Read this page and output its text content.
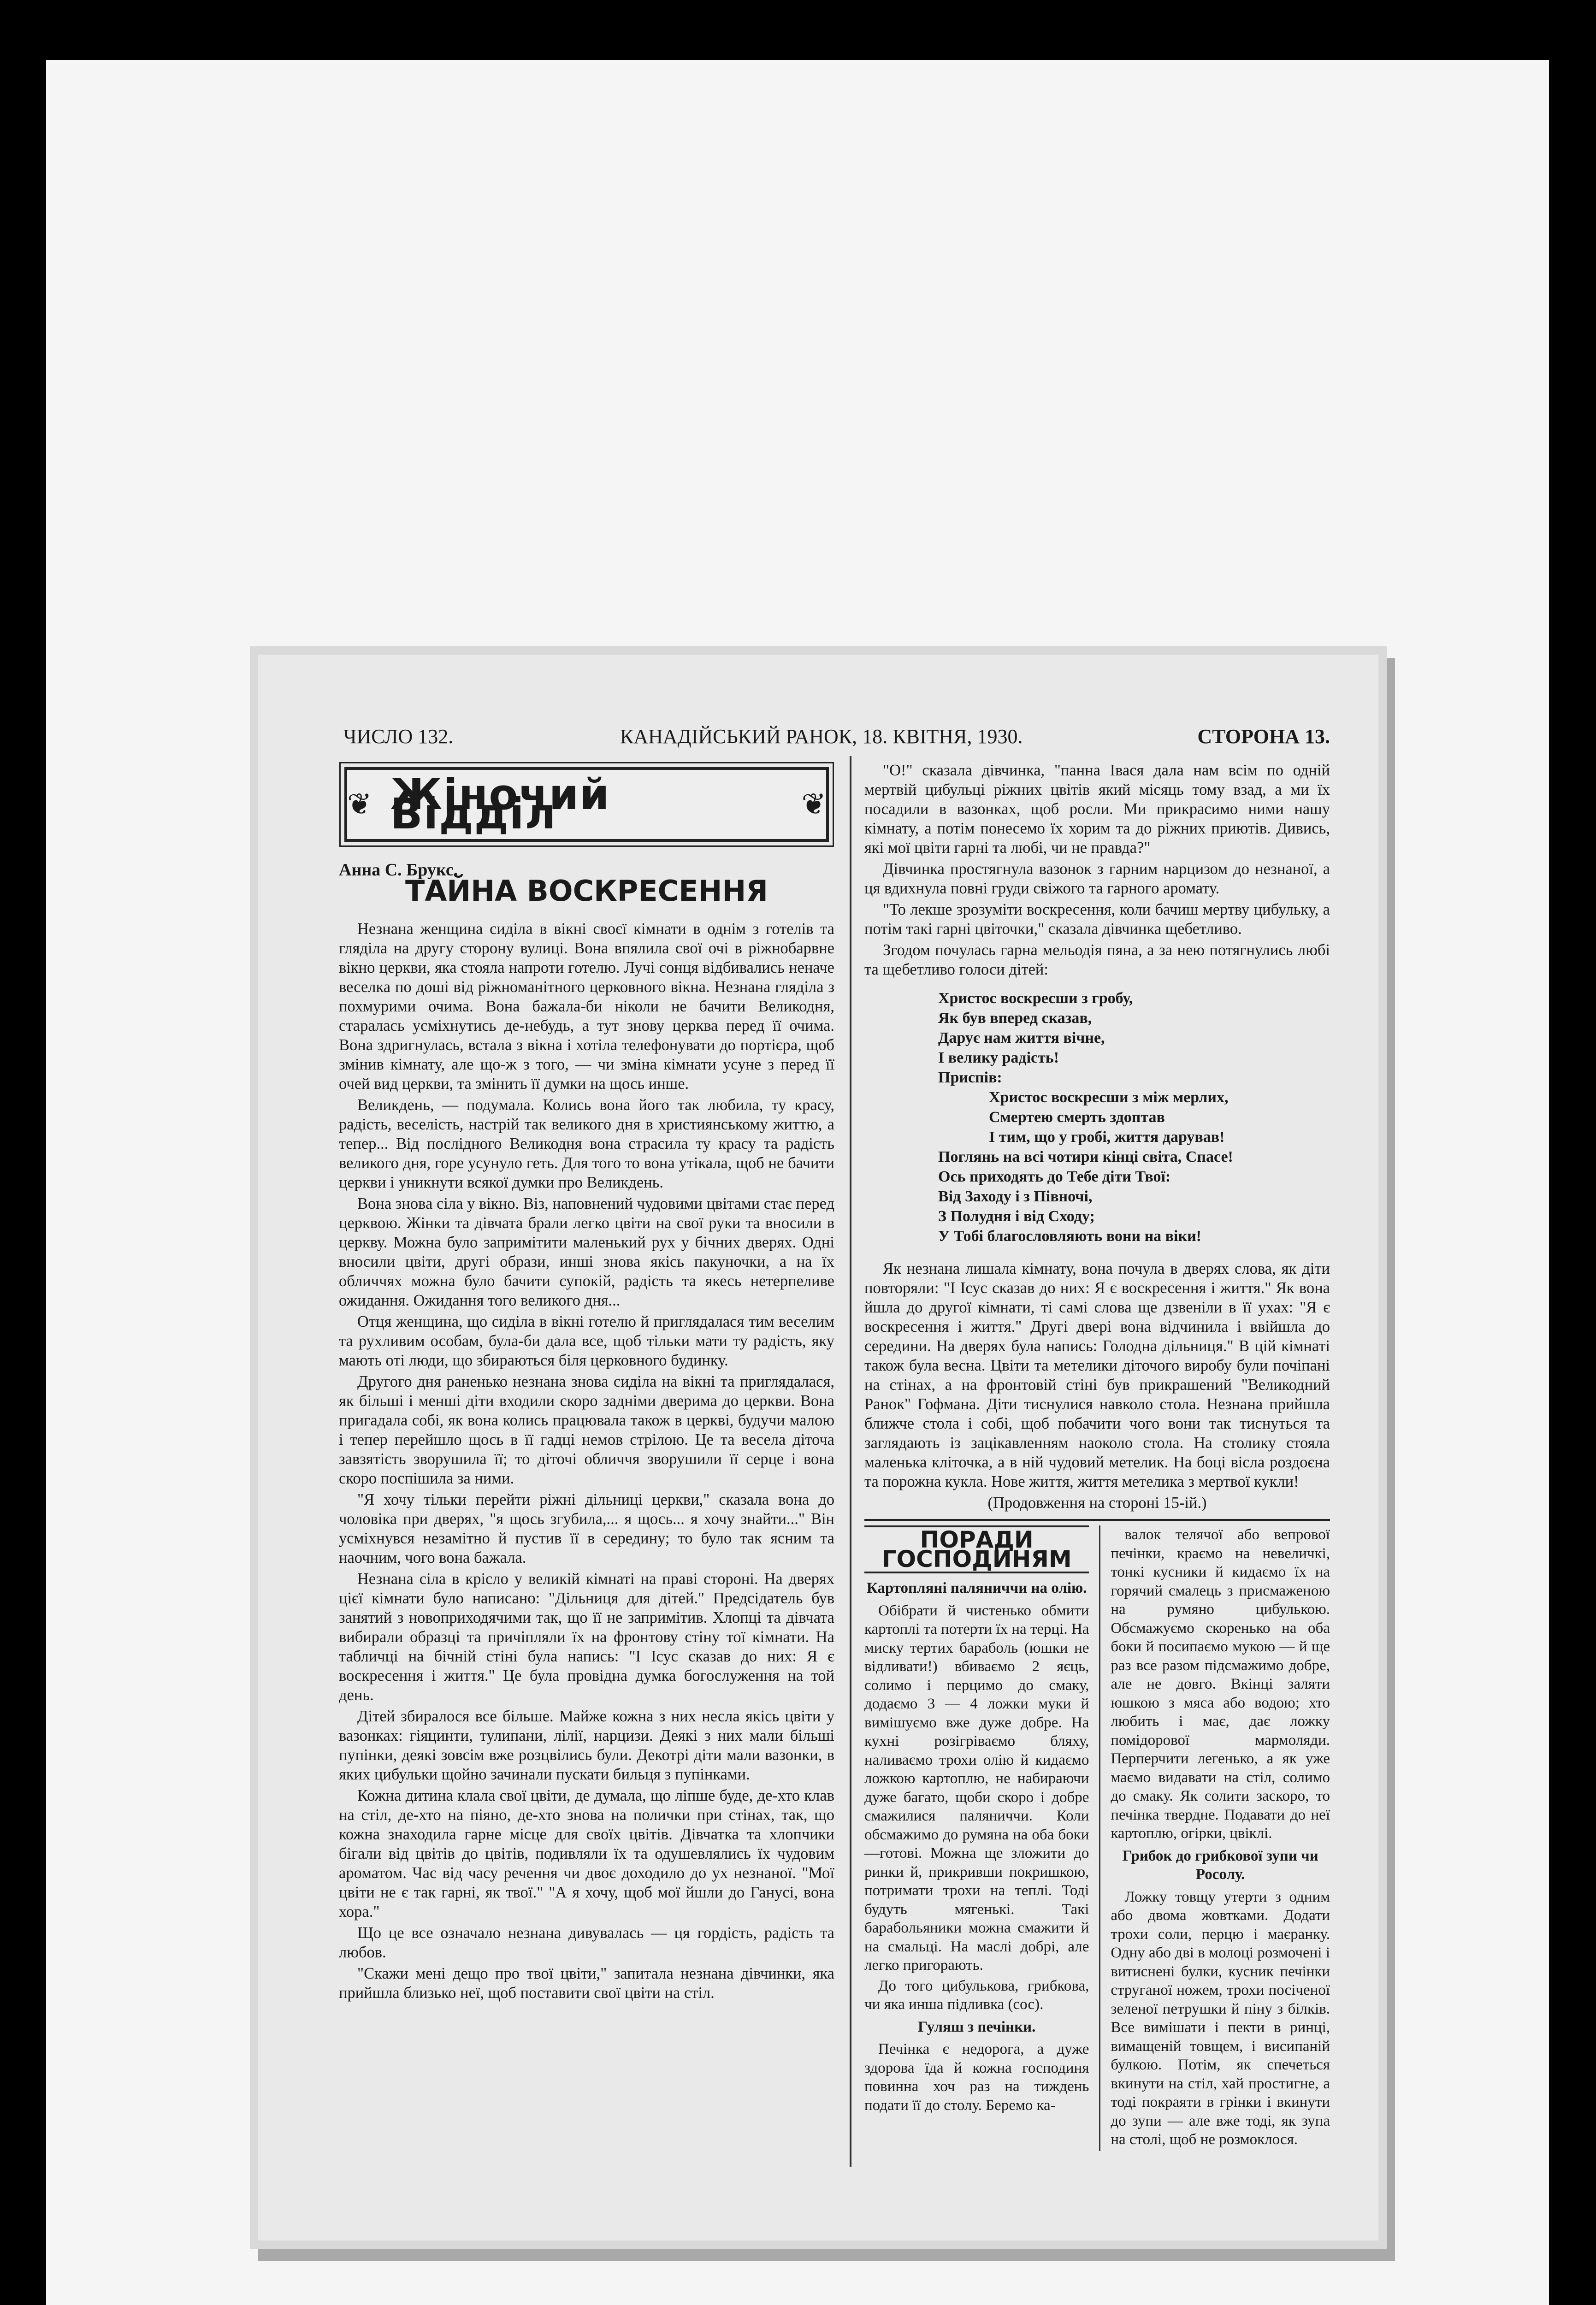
ЧИСЛО 132.	КАНАДІЙСЬКИЙ РАНОК, 18. КВІТНЯ, 1930.	СТОРОНА 13.
❦ Жіночий Відділ	❦

Анна С. Брукс.

ТАЙНА ВОСКРЕСЕННЯ

Незнана женщина сиділа в вікні своєї кімнати в однім з готелів та гляділа на другу сторону вулиці. Вона впялила свої очі в ріжнобарвне вікно церкви, яка стояла напроти готелю. Лучі сонця відбивались неначе веселка по доші від ріжноманітного церковного вікна. Незнана гляділа з похмурими очима. Вона бажала-би ніколи не бачити Великодня, старалась усміхнутись де-небудь, а тут знову церква перед її очима. Вона здригнулась, встала з вікна і хотіла телефонувати до портієра, щоб змінив кімнату, але що-ж з того, — чи зміна кімнати усуне з перед її очей вид церкви, та змінить її думки на щось инше.

Великдень, — подумала. Колись вона його так любила, ту красу, радість, веселість, настрій так великого дня в християнському життю, а тепер... Від послідного Великодня вона страсила ту красу та радість великого дня, горе усунуло геть. Для того то вона утікала, щоб не бачити церкви і уникнути всякої думки про Великдень.

Вона знова сіла у вікно. Віз, наповнений чудовими цвітами стає перед церквою. Жінки та дівчата брали легко цвіти на свої руки та вносили в церкву. Можна було запримітити маленький рух у бічних дверях. Одні вносили цвіти, другі образи, инші знова якісь пакуночки, а на їх обличчях можна було бачити супокій, радість та якесь нетерпеливе ожидання. Ожидання того великого дня...

Отця женщина, що сиділа в вікні готелю й приглядалася тим веселим та рухливим особам, була-би дала все, щоб тільки мати ту радість, яку мають оті люди, що збираються біля церковного будинку.

Другого дня раненько незнана знова сиділа на вікні та приглядалася, як більші і менші діти входили скоро задніми дверима до церкви. Вона пригадала собі, як вона колись працювала також в церкві, будучи малою і тепер перейшло щось в її гадці немов стрілою. Це та весела діточа завзятість зворушила її; то діточі обличчя зворушили її серце і вона скоро поспішила за ними.

"Я хочу тільки перейти ріжні дільниці церкви," сказала вона до чоловіка при дверях, "я щось згубила,... я щось... я хочу знайти..." Він усміхнувся незамітно й пустив її в середину; то було так ясним та наочним, чого вона бажала.

Незнана сіла в крісло у великій кімнаті на праві стороні. На дверях цієї кімнати було написано: "Дільниця для дітей." Предсідатель був занятий з новоприходячими так, що її не запримітив. Хлопці та дівчата вибирали образці та причіпляли їх на фронтову стіну тої кімнати. На табличці на бічній стіні була напись: "І Ісус сказав до них: Я є воскресення і життя." Це була провідна думка богослуження на той день.

Дітей збиралося все більше. Майже кожна з них несла якісь цвіти у вазонках: гіяцинти, тулипани, лілії, нарцизи. Деякі з них мали більші пупінки, деякі зовсім вже розцвілись були. Декотрі діти мали вазонки, в яких цибульки щойно зачинали пускати бильця з пупінками.

Кожна дитина клала свої цвіти, де думала, що ліпше буде, де-хто клав на стіл, де-хто на піяно, де-хто знова на полички при стінах, так, що кожна знаходила гарне місце для своїх цвітів. Дівчатка та хлопчики бігали від цвітів до цвітів, подивляли їх та одушевлялись їх чудовим ароматом. Час від часу речення чи двоє доходило до ух незнаної. "Мої цвіти не є так гарні, як твої." "А я хочу, щоб мої йшли до Ганусі, вона хора."

Що це все означало незнана дивувалась — ця гордість, радість та любов.

"Скажи мені дещо про твої цвіти," запитала незнана дівчинки, яка прийшла близько неї, щоб поставити свої цвіти на стіл.

"О!" сказала дівчинка, "панна Івася дала нам всім по одній мертвій цибульці ріжних цвітів який місяць тому взад, а ми їх посадили в вазонках, щоб росли. Ми прикрасимо ними нашу кімнату, а потім понесемо їх хорим та до ріжних приютів. Дивись, які мої цвіти гарні та любі, чи не правда?"

Дівчинка простягнула вазонок з гарним нарцизом до незнаної, а ця вдихнула повні груди свіжого та гарного аромату.

"То лекше зрозуміти воскресення, коли бачиш мертву цибульку, а потім такі гарні цвіточки," сказала дівчинка щебетливо.

Згодом почулась гарна мельодія пяна, а за нею потягнулись любі та щебетливо голоси дітей:

Христос воскресши з гробу,
Як був вперед сказав,
Дарує нам життя вічне,
І велику радість!
Приспів:
Христос воскресши з між мерлих,
Смертею смерть здоптав
І тим, що у гробі, життя дарував!
Поглянь на всі чотири кінці світа, Спасе!
Ось приходять до Тебе діти Твої:
Від Заходу і з Півночі,
З Полудня і від Сходу;
У Тобі благословляють вони на віки!

Як незнана лишала кімнату, вона почула в дверях слова, як діти повторяли: "І Ісус сказав до них: Я є воскресення і життя." Як вона йшла до другої кімнати, ті самі слова ще дзвеніли в її ухах: "Я є воскресення і життя." Другі двері вона відчинила і ввійшла до середини. На дверях була напись: Голодна дільниця." В цій кімнаті також була весна. Цвіти та метелики діточого виробу були почіпані на стінах, а на фронтовій стіні був прикрашений "Великодний Ранок" Гофмана. Діти тиснулися навколо стола. Незнана прийшла ближче стола і собі, щоб побачити чого вони так тиснуться та заглядають із зацікавленням наоколо стола. На столику стояла маленька кліточка, а в ній чудовий метелик. На боці вісла роздоєна та порожна кукла. Нове життя, життя метелика з мертвої кукли!

(Продовження на стороні 15-ій.)

ПОРАДИ ГОСПОДИНЯМ

Картопляні паляниччи на олію.

Обібрати й чистенько обмити картоплі та потерти їх на терці. На миску тертих бараболь (юшки не відливати!) вбиваємо 2 яєць, солимо і перцимо до смаку, додаємо 3 — 4 ложки муки й вимішуємо вже дуже добре. На кухні розігріваємо бляху, наливаємо трохи олію й кидаємо ложкою картоплю, не набираючи дуже багато, щоби скоро і добре смажилися паляниччи. Коли обсмажимо до румяна на оба боки—готові. Можна ще зложити до ринки й, прикривши покришкою, потримати трохи на теплі. Тоді будуть мягенькі. Такі барабольяники можна смажити й на смальці. На маслі добрі, але легко пригорають.

До того цибулькова, грибкова, чи яка инша підливка (сос).

Гуляш з печінки.

Печінка є недорога, а дуже здорова їда й кожна господиня повинна хоч раз на тиждень подати її до столу. Беремо ка-

валок телячої або вепрової печінки, краємо на невеличкі, тонкі кусники й кидаємо їх на горячий смалець з присмаженою на румяно цибулькою. Обсмажуємо скоренько на оба боки й посипаємо мукою — й ще раз все разом підсмажимо добре, але не довго. Вкінці заляти юшкою з мяса або водою; хто любить і має, дає ложку помідорової мармоляди. Перперчити легенько, а як уже маємо видавати на стіл, солимо до смаку. Як солити заскоро, то печінка твердне. Подавати до неї картоплю, огірки, цвіклі.

Грибок до грибкової зупи чи Росолу.

Ложку товщу утерти з одним або двома жовтками. Додати трохи соли, перцю і маєранку. Одну або дві в молоці розмочені і витиснені булки, кусник печінки струганої ножем, трохи посіченої зеленої петрушки й піну з білків. Все вимішати і пекти в ринці, вимащеній товщем, і висипаній булкою. Потім, як спечеться вкинути на стіл, хай простигне, а тоді покраяти в грінки і вкинути до зупи — але вже тоді, як зупа на столі, щоб не розмоклося.
